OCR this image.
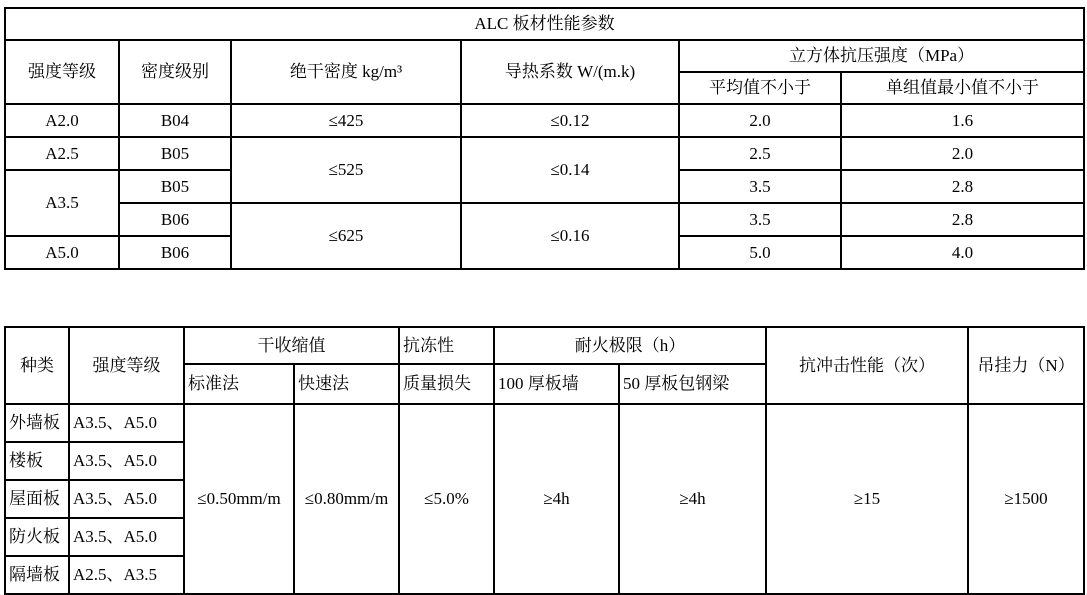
ALC 板材性能参数					
强度等级	密度级别	绝干密度 kg/m³	导热系数 W/(m.k)	立方体抗压强度（MPa）	
				平均值不小于	单组值最小值不小于
A2.0	B04	≤425	≤0.12	2.0	1.6
A2.5	B05	≤525	≤0.14	2.5	2.0
A3.5	B05			3.5	2.8
	B06	≤625	≤0.16	3.5	2.8
A5.0	B06			5.0	4.0
种类	强度等级	干收缩值		抗冻性	耐火极限（h）		抗冲击性能（次）	吊挂力（N）
		标准法	快速法	质量损失	100 厚板墙	50 厚板包钢梁		
外墙板	A3.5、A5.0	≤0.50mm/m	≤0.80mm/m	≤5.0%	≥4h	≥4h	≥15	≥1500
楼板	A3.5、A5.0							
屋面板	A3.5、A5.0							
防火板	A3.5、A5.0							
隔墙板	A2.5、A3.5							
